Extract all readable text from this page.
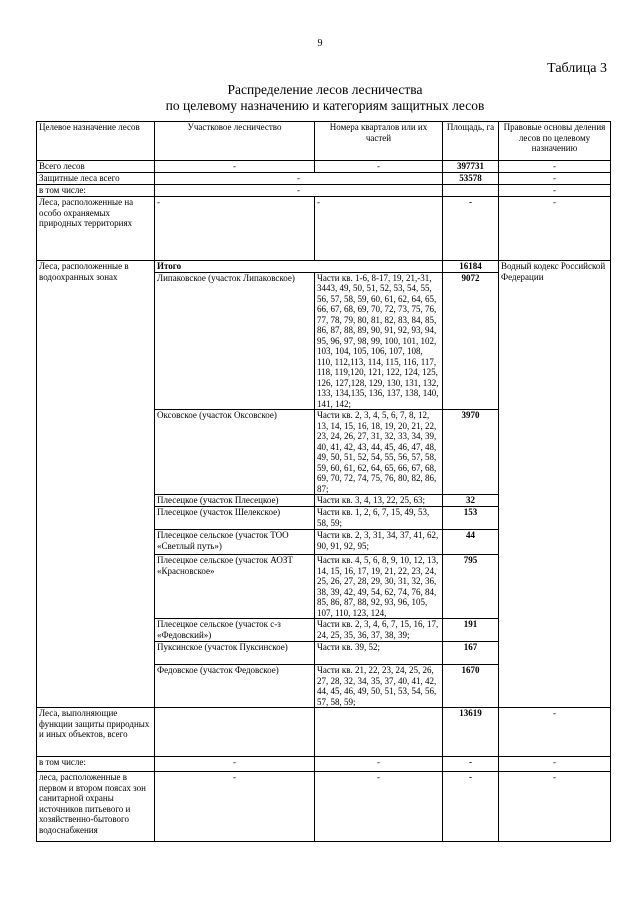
9
Таблица 3
Распределение лесов лесничества
по целевому назначению и категориям защитных лесов
Целевое назначение лесов	Участковое лесничество	Номера кварталов или их частей	Площадь, га	Правовые основы деления лесов по целевому назначению
Всего лесов	-	-	397731	-
Защитные леса всего	-		53578	-
в том числе:	-			-
Леса, расположенные на особо охраняемых природных территориях	-	-	-	-
Леса, расположенные в водоохранных зонах	Итого		16184	Водный кодекс Российской Федерации
	Липаковское (участок Липаковское)	Части кв. 1-6, 8-17, 19, 21,-31, 3443, 49, 50, 51, 52, 53, 54, 55, 56, 57, 58, 59, 60, 61, 62, 64, 65, 66, 67, 68, 69, 70, 72, 73, 75, 76, 77, 78, 79, 80, 81, 82, 83, 84, 85, 86, 87, 88, 89, 90, 91, 92, 93, 94, 95, 96, 97, 98, 99, 100, 101, 102, 103, 104, 105, 106, 107, 108, 110, 112,113, 114, 115, 116, 117, 118, 119,120, 121, 122, 124, 125, 126, 127,128, 129, 130, 131, 132, 133, 134,135, 136, 137, 138, 140, 141, 142;	9072	
	Оксовское (участок Оксовское)	Части кв. 2, 3, 4, 5, 6, 7, 8, 12, 13, 14, 15, 16, 18, 19, 20, 21, 22, 23, 24, 26, 27, 31, 32, 33, 34, 39, 40, 41, 42, 43, 44, 45, 46, 47, 48, 49, 50, 51, 52, 54, 55, 56, 57, 58, 59, 60, 61, 62, 64, 65, 66, 67, 68, 69, 70, 72, 74, 75, 76, 80, 82, 86, 87;	3970	
	Плесецкое (участок Плесецкое)	Части кв. 3, 4, 13, 22, 25, 63;	32	
	Плесецкое (участок Шелекское)	Части кв. 1, 2, 6, 7, 15, 49, 53, 58, 59;	153	
	Плесецкое сельское (участок ТОО «Светлый путь»)	Части кв. 2, 3, 31, 34, 37, 41, 62, 90, 91, 92, 95;	44	
	Плесецкое сельское (участок АОЗТ «Красновское»	Части кв. 4, 5, 6, 8, 9, 10, 12, 13, 14, 15, 16, 17, 19, 21, 22, 23, 24, 25, 26, 27, 28, 29, 30, 31, 32, 36, 38, 39, 42, 49, 54, 62, 74, 76, 84, 85, 86, 87, 88, 92, 93, 96, 105, 107, 110, 123, 124,	795	
	Плесецкое сельское (участок с-з «Федовский»)	Части кв. 2, 3, 4, 6, 7, 15, 16, 17, 24, 25, 35, 36, 37, 38, 39;	191	
	Пуксинское (участок Пуксинское)	Части кв. 39, 52;	167	
	Федовское (участок Федовское)	Части кв. 21, 22, 23, 24, 25, 26, 27, 28, 32, 34, 35, 37, 40, 41, 42, 44, 45, 46, 49, 50, 51, 53, 54, 56, 57, 58, 59;	1670	
Леса, выполняющие функции защиты природных и иных объектов, всего			13619	-
в том числе:	-	-	-	-
леса, расположенные в первом и втором поясах зон санитарной охраны источников питьевого и хозяйственно-бытового водоснабжения	-	-	-	-
